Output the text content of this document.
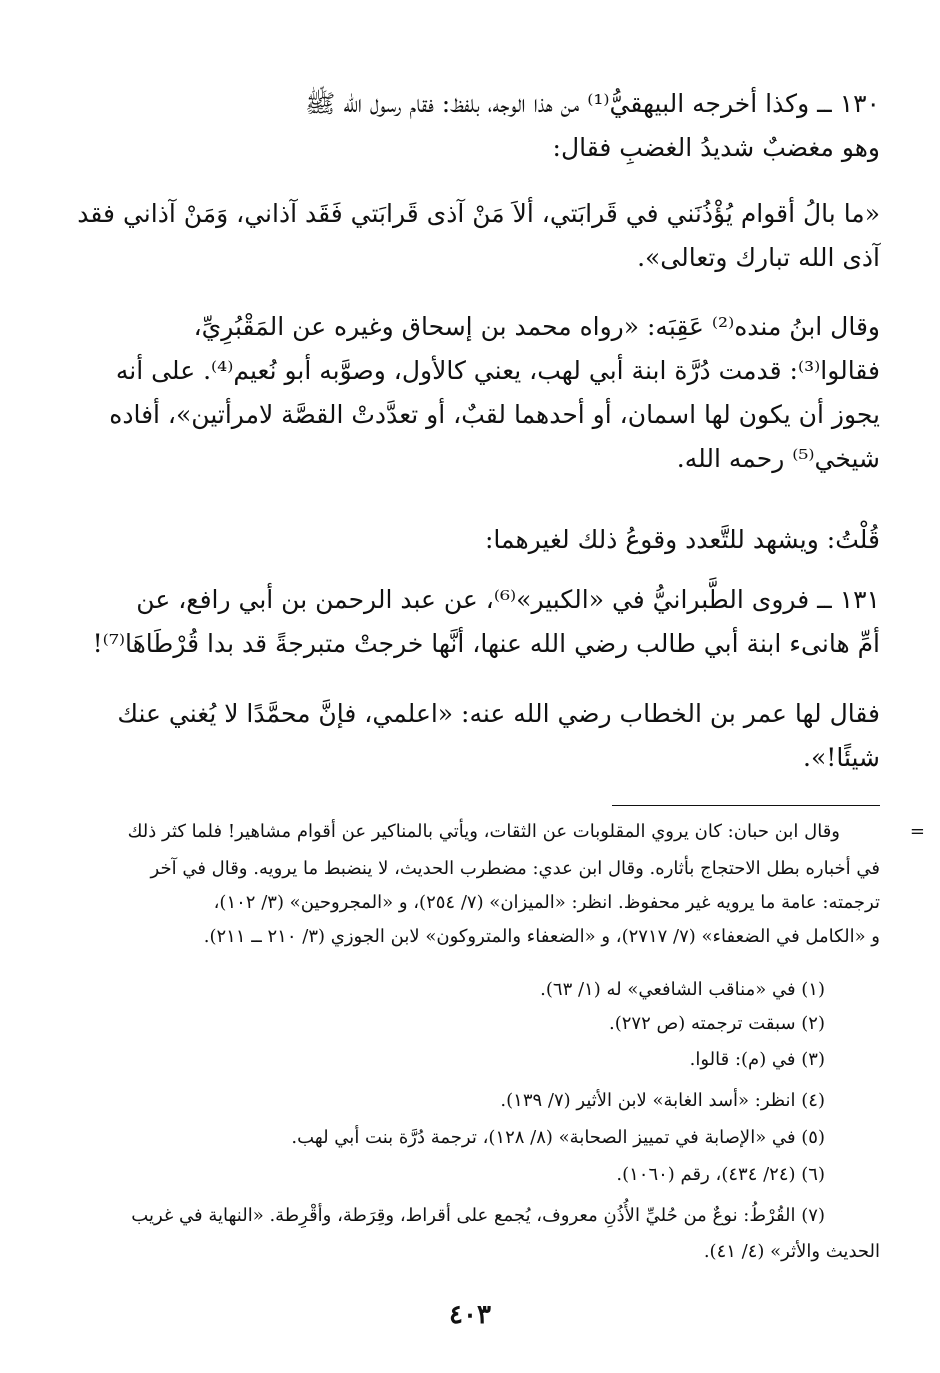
١٣٠ ــ وكذا أخرجه البيهقيُّ⁽¹⁾ من هذا الوجه، بلفظ: فقام رسول الله ﷺ
وهو مغضبٌ شديدُ الغضبِ فقال:

«ما بالُ أقوام يُؤْذُنَني في قَرابَتي، ألاَ مَنْ آذى قَرابَتي فَقَد آذاني، وَمَنْ آذاني فقد
آذى الله تبارك وتعالى».

وقال ابنُ منده⁽²⁾ عَقِبَه: «رواه محمد بن إسحاق وغيره عن المَقْبُرِيِّ،
فقالوا⁽³⁾: قدمت دُرَّة ابنة أبي لهب، يعني كالأول، وصوَّبه أبو نُعيم⁽⁴⁾. على أنه
يجوز أن يكون لها اسمان، أو أحدهما لقبٌ، أو تعدَّدتْ القصَّة لامرأتين»، أفاده
شيخي⁽⁵⁾ رحمه الله.

قُلْتُ: ويشهد للتَّعدد وقوعُ ذلك لغيرهما:

١٣١ ــ فروى الطَّبرانيُّ في «الكبير»⁽⁶⁾، عن عبد الرحمن بن أبي رافع، عن
أمِّ هانىء ابنة أبي طالب رضي الله عنها، أنَّها خرجتْ متبرجةً قد بدا قُرْطَاهَا⁽⁷⁾!

فقال لها عمر بن الخطاب رضي الله عنه: «اعلمي، فإنَّ محمَّدًا لا يُغني عنك
شيئًا!».

=

وقال ابن حبان: كان يروي المقلوبات عن الثقات، ويأتي بالمناكير عن أقوام مشاهير! فلما كثر ذلك

في أخباره بطل الاحتجاج بأثاره. وقال ابن عدي: مضطرب الحديث، لا ينضبط ما يرويه. وقال في آخر
ترجمته: عامة ما يرويه غير محفوظ. انظر: «الميزان» (٧/ ٢٥٤)، و «المجروحين» (٣/ ١٠٢)،
و «الكامل في الضعفاء» (٧/ ٢٧١٧)، و «الضعفاء والمتروكون» لابن الجوزي (٣/ ٢١٠ ــ ٢١١).

(١) في «مناقب الشافعي» له (١/ ٦٣).

(٢) سبقت ترجمته (ص ٢٧٢).

(٣) في (م): قالوا.

(٤) انظر: «أسد الغابة» لابن الأثير (٧/ ١٣٩).

(٥) في «الإصابة في تمييز الصحابة» (٨/ ١٢٨)، ترجمة دُرَّة بنت أبي لهب.

(٦) (٢٤/ ٤٣٤)، رقم (١٠٦٠).

(٧) القُرْطُ: نوعٌ من حُليِّ الأُذُنِ معروف، يُجمع على أقراط، وقِرَطة، وأقْرِطة. «النهاية في غريب
الحديث والأثر» (٤/ ٤١).

٤٠٣
